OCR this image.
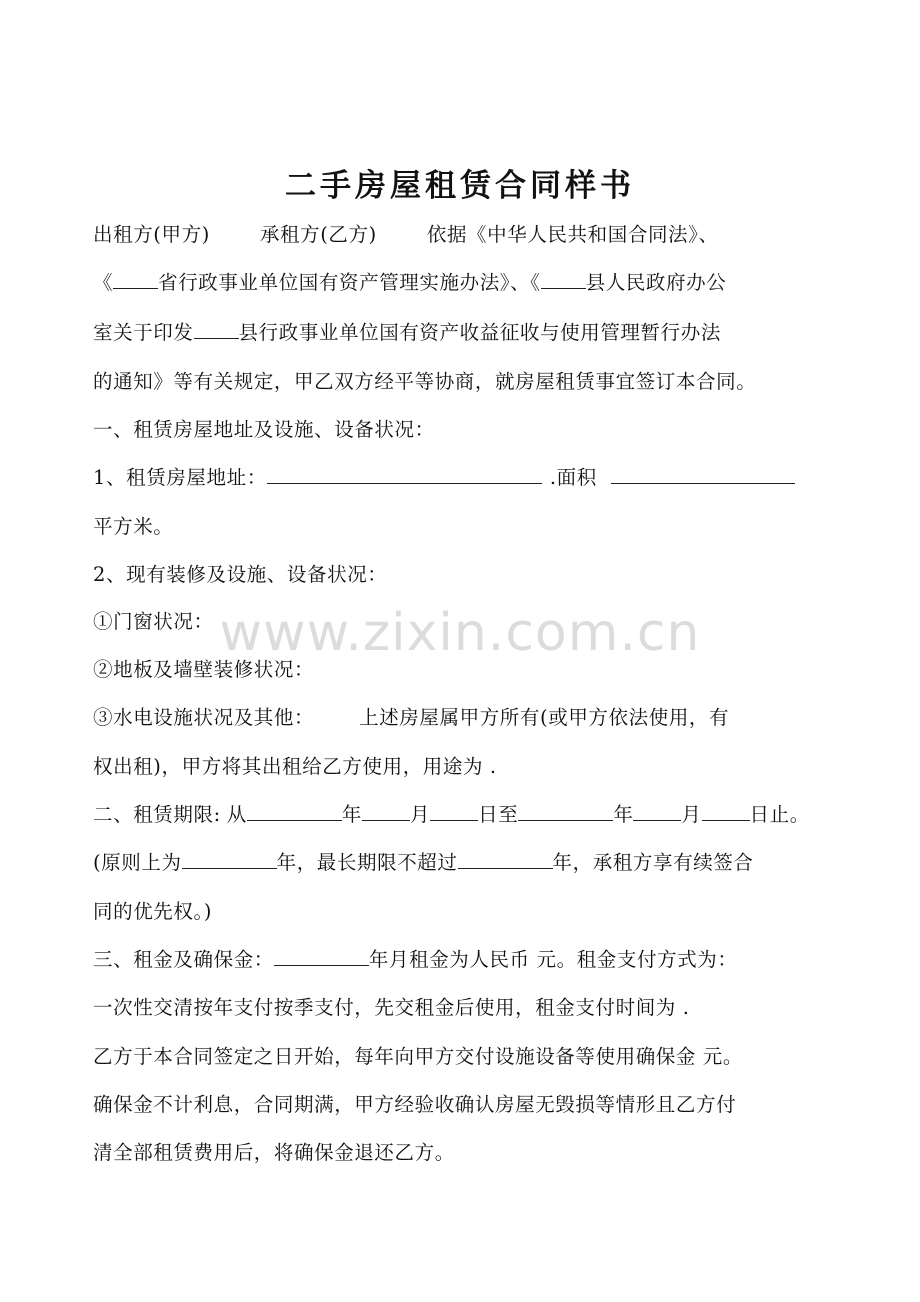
www.zixin.com.cn
二手房屋租赁合同样书
出租方(甲方)	承租方(乙方)	依据《中华人民共和国合同法》、
《 省行政事业单位国有资产管理实施办法》、《 县人民政府办公
室关于印发 县行政事业单位国有资产收益征收与使用管理暂行办法
的通知》等有关规定，甲乙双方经平等协商，就房屋租赁事宜签订本合同。
一、租赁房屋地址及设施、设备状况：
1、租赁房屋地址：	.面积
平方米。
2、现有装修及设施、设备状况：
①门窗状况：
②地板及墙壁装修状况：
③水电设施状况及其他： 上述房屋属甲方所有(或甲方依法使用，有
权出租)，甲方将其出租给乙方使用，用途为 .
二、租赁期限: 从	年 月 日至	年 月 日止。
(原则上为	年，最长期限不超过	年，承租方享有续签合
同的优先权。)
三、租金及确保金：	年月租金为人民币 元。租金支付方式为：
一次性交清按年支付按季支付，先交租金后使用，租金支付时间为 .
乙方于本合同签定之日开始，每年向甲方交付设施设备等使用确保金 元。
确保金不计利息，合同期满，甲方经验收确认房屋无毁损等情形且乙方付
清全部租赁费用后，将确保金退还乙方。
